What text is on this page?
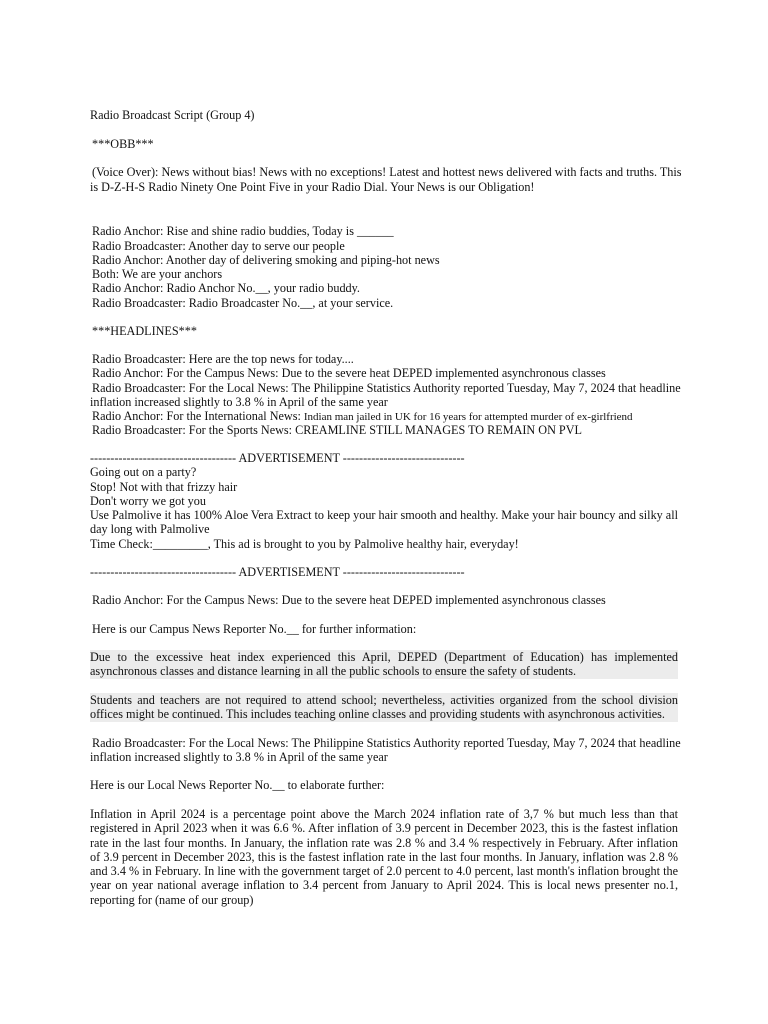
Radio Broadcast Script (Group 4)
***OBB***
(Voice Over): News without bias! News with no exceptions! Latest and hottest news delivered with facts and truths. This
is D-Z-H-S Radio Ninety One Point Five in your Radio Dial. Your News is our Obligation!
Radio Anchor: Rise and shine radio buddies, Today is ______
Radio Broadcaster: Another day to serve our people
Radio Anchor: Another day of delivering smoking and piping-hot news
Both: We are your anchors
Radio Anchor: Radio Anchor No.__, your radio buddy.
Radio Broadcaster: Radio Broadcaster No.__, at your service.
***HEADLINES***
Radio Broadcaster: Here are the top news for today....
Radio Anchor: For the Campus News: Due to the severe heat DEPED implemented asynchronous classes
Radio Broadcaster: For the Local News: The Philippine Statistics Authority reported Tuesday, May 7, 2024 that headline
inflation increased slightly to 3.8 % in April of the same year
Radio Anchor: For the International News: Indian man jailed in UK for 16 years for attempted murder of ex-girlfriend
Radio Broadcaster: For the Sports News: CREAMLINE STILL MANAGES TO REMAIN ON PVL
------------------------------------ ADVERTISEMENT ------------------------------
Going out on a party?
Stop! Not with that frizzy hair
Don't worry we got you
Use Palmolive it has 100% Aloe Vera Extract to keep your hair smooth and healthy. Make your hair bouncy and silky all day long with Palmolive
Time Check:_________, This ad is brought to you by Palmolive healthy hair, everyday!
------------------------------------ ADVERTISEMENT ------------------------------
Radio Anchor: For the Campus News: Due to the severe heat DEPED implemented asynchronous classes
Here is our Campus News Reporter No.__ for further information:
Due to the excessive heat index experienced this April, DEPED (Department of Education) has implemented asynchronous classes and distance learning in all the public schools to ensure the safety of students.
Students and teachers are not required to attend school; nevertheless, activities organized from the school division offices might be continued. This includes teaching online classes and providing students with asynchronous activities.
Radio Broadcaster: For the Local News: The Philippine Statistics Authority reported Tuesday, May 7, 2024 that headline
inflation increased slightly to 3.8 % in April of the same year
Here is our Local News Reporter No.__ to elaborate further:
Inflation in April 2024 is a percentage point above the March 2024 inflation rate of 3,7 % but much less than that registered in April 2023 when it was 6.6 %. After inflation of 3.9 percent in December 2023, this is the fastest inflation rate in the last four months. In January, the inflation rate was 2.8 % and 3.4 % respectively in February. After inflation of 3.9 percent in December 2023, this is the fastest inflation rate in the last four months. In January, inflation was 2.8 % and 3.4 % in February. In line with the government target of 2.0 percent to 4.0 percent, last month's inflation brought the year on year national average inflation to 3.4 percent from January to April 2024. This is local news presenter no.1, reporting for (name of our group)
